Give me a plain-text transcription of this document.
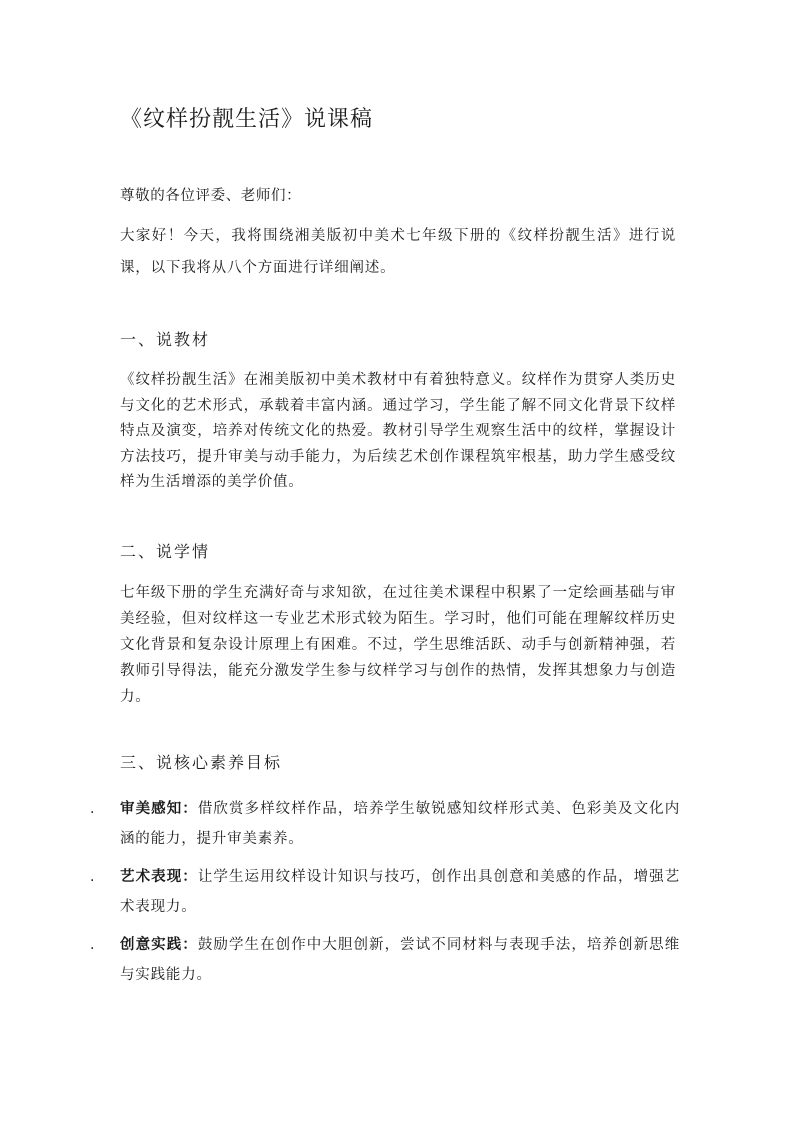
《纹样扮靓生活》说课稿
尊敬的各位评委、老师们：

大家好！今天，我将围绕湘美版初中美术七年级下册的《纹样扮靓生活》进行说课，以下我将从八个方面进行详细阐述。

一、说教材

《纹样扮靓生活》在湘美版初中美术教材中有着独特意义。纹样作为贯穿人类历史与文化的艺术形式，承载着丰富内涵。通过学习，学生能了解不同文化背景下纹样特点及演变，培养对传统文化的热爱。教材引导学生观察生活中的纹样，掌握设计方法技巧，提升审美与动手能力，为后续艺术创作课程筑牢根基，助力学生感受纹样为生活增添的美学价值。

二、说学情

七年级下册的学生充满好奇与求知欲，在过往美术课程中积累了一定绘画基础与审美经验，但对纹样这一专业艺术形式较为陌生。学习时，他们可能在理解纹样历史文化背景和复杂设计原理上有困难。不过，学生思维活跃、动手与创新精神强，若教师引导得法，能充分激发学生参与纹样学习与创作的热情，发挥其想象力与创造力。

三、说核心素养目标
. 审美感知：借欣赏多样纹样作品，培养学生敏锐感知纹样形式美、色彩美及文化内涵的能力，提升审美素养。
. 艺术表现：让学生运用纹样设计知识与技巧，创作出具创意和美感的作品，增强艺术表现力。
. 创意实践：鼓励学生在创作中大胆创新，尝试不同材料与表现手法，培养创新思维与实践能力。
